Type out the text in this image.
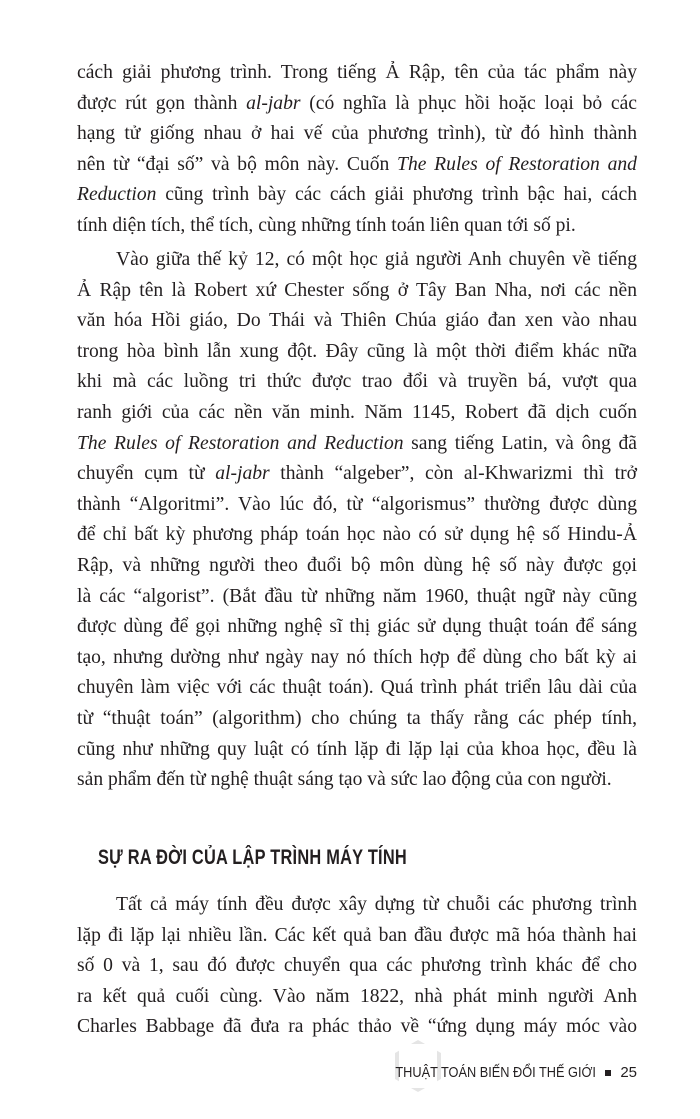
cách giải phương trình. Trong tiếng Ả Rập, tên của tác phẩm này
được rút gọn thành al-jabr (có nghĩa là phục hồi hoặc loại bỏ các
hạng tử giống nhau ở hai vế của phương trình), từ đó hình thành
nên từ “đại số” và bộ môn này. Cuốn The Rules of Restoration and
Reduction cũng trình bày các cách giải phương trình bậc hai, cách
tính diện tích, thể tích, cùng những tính toán liên quan tới số pi.
Vào giữa thế kỷ 12, có một học giả người Anh chuyên về tiếng
Ả Rập tên là Robert xứ Chester sống ở Tây Ban Nha, nơi các nền
văn hóa Hồi giáo, Do Thái và Thiên Chúa giáo đan xen vào nhau
trong hòa bình lẫn xung đột. Đây cũng là một thời điểm khác nữa
khi mà các luồng tri thức được trao đổi và truyền bá, vượt qua
ranh giới của các nền văn minh. Năm 1145, Robert đã dịch cuốn
The Rules of Restoration and Reduction sang tiếng Latin, và ông đã
chuyển cụm từ al-jabr thành “algeber”, còn al-Khwarizmi thì trở
thành “Algoritmi”. Vào lúc đó, từ “algorismus” thường được dùng
để chỉ bất kỳ phương pháp toán học nào có sử dụng hệ số Hindu-Ả
Rập, và những người theo đuổi bộ môn dùng hệ số này được gọi
là các “algorist”. (Bắt đầu từ những năm 1960, thuật ngữ này cũng
được dùng để gọi những nghệ sĩ thị giác sử dụng thuật toán để sáng
tạo, nhưng dường như ngày nay nó thích hợp để dùng cho bất kỳ ai
chuyên làm việc với các thuật toán). Quá trình phát triển lâu dài của
từ “thuật toán” (algorithm) cho chúng ta thấy rằng các phép tính,
cũng như những quy luật có tính lặp đi lặp lại của khoa học, đều là
sản phẩm đến từ nghệ thuật sáng tạo và sức lao động của con người.
Tất cả máy tính đều được xây dựng từ chuỗi các phương trình
lặp đi lặp lại nhiều lần. Các kết quả ban đầu được mã hóa thành hai
số 0 và 1, sau đó được chuyển qua các phương trình khác để cho
ra kết quả cuối cùng. Vào năm 1822, nhà phát minh người Anh
Charles Babbage đã đưa ra phác thảo về “ứng dụng máy móc vào
SỰ RA ĐỜI CỦA LẬP TRÌNH MÁY TÍNH
THUẬT TOÁN BIẾN ĐỔI THẾ GIỚI 25
